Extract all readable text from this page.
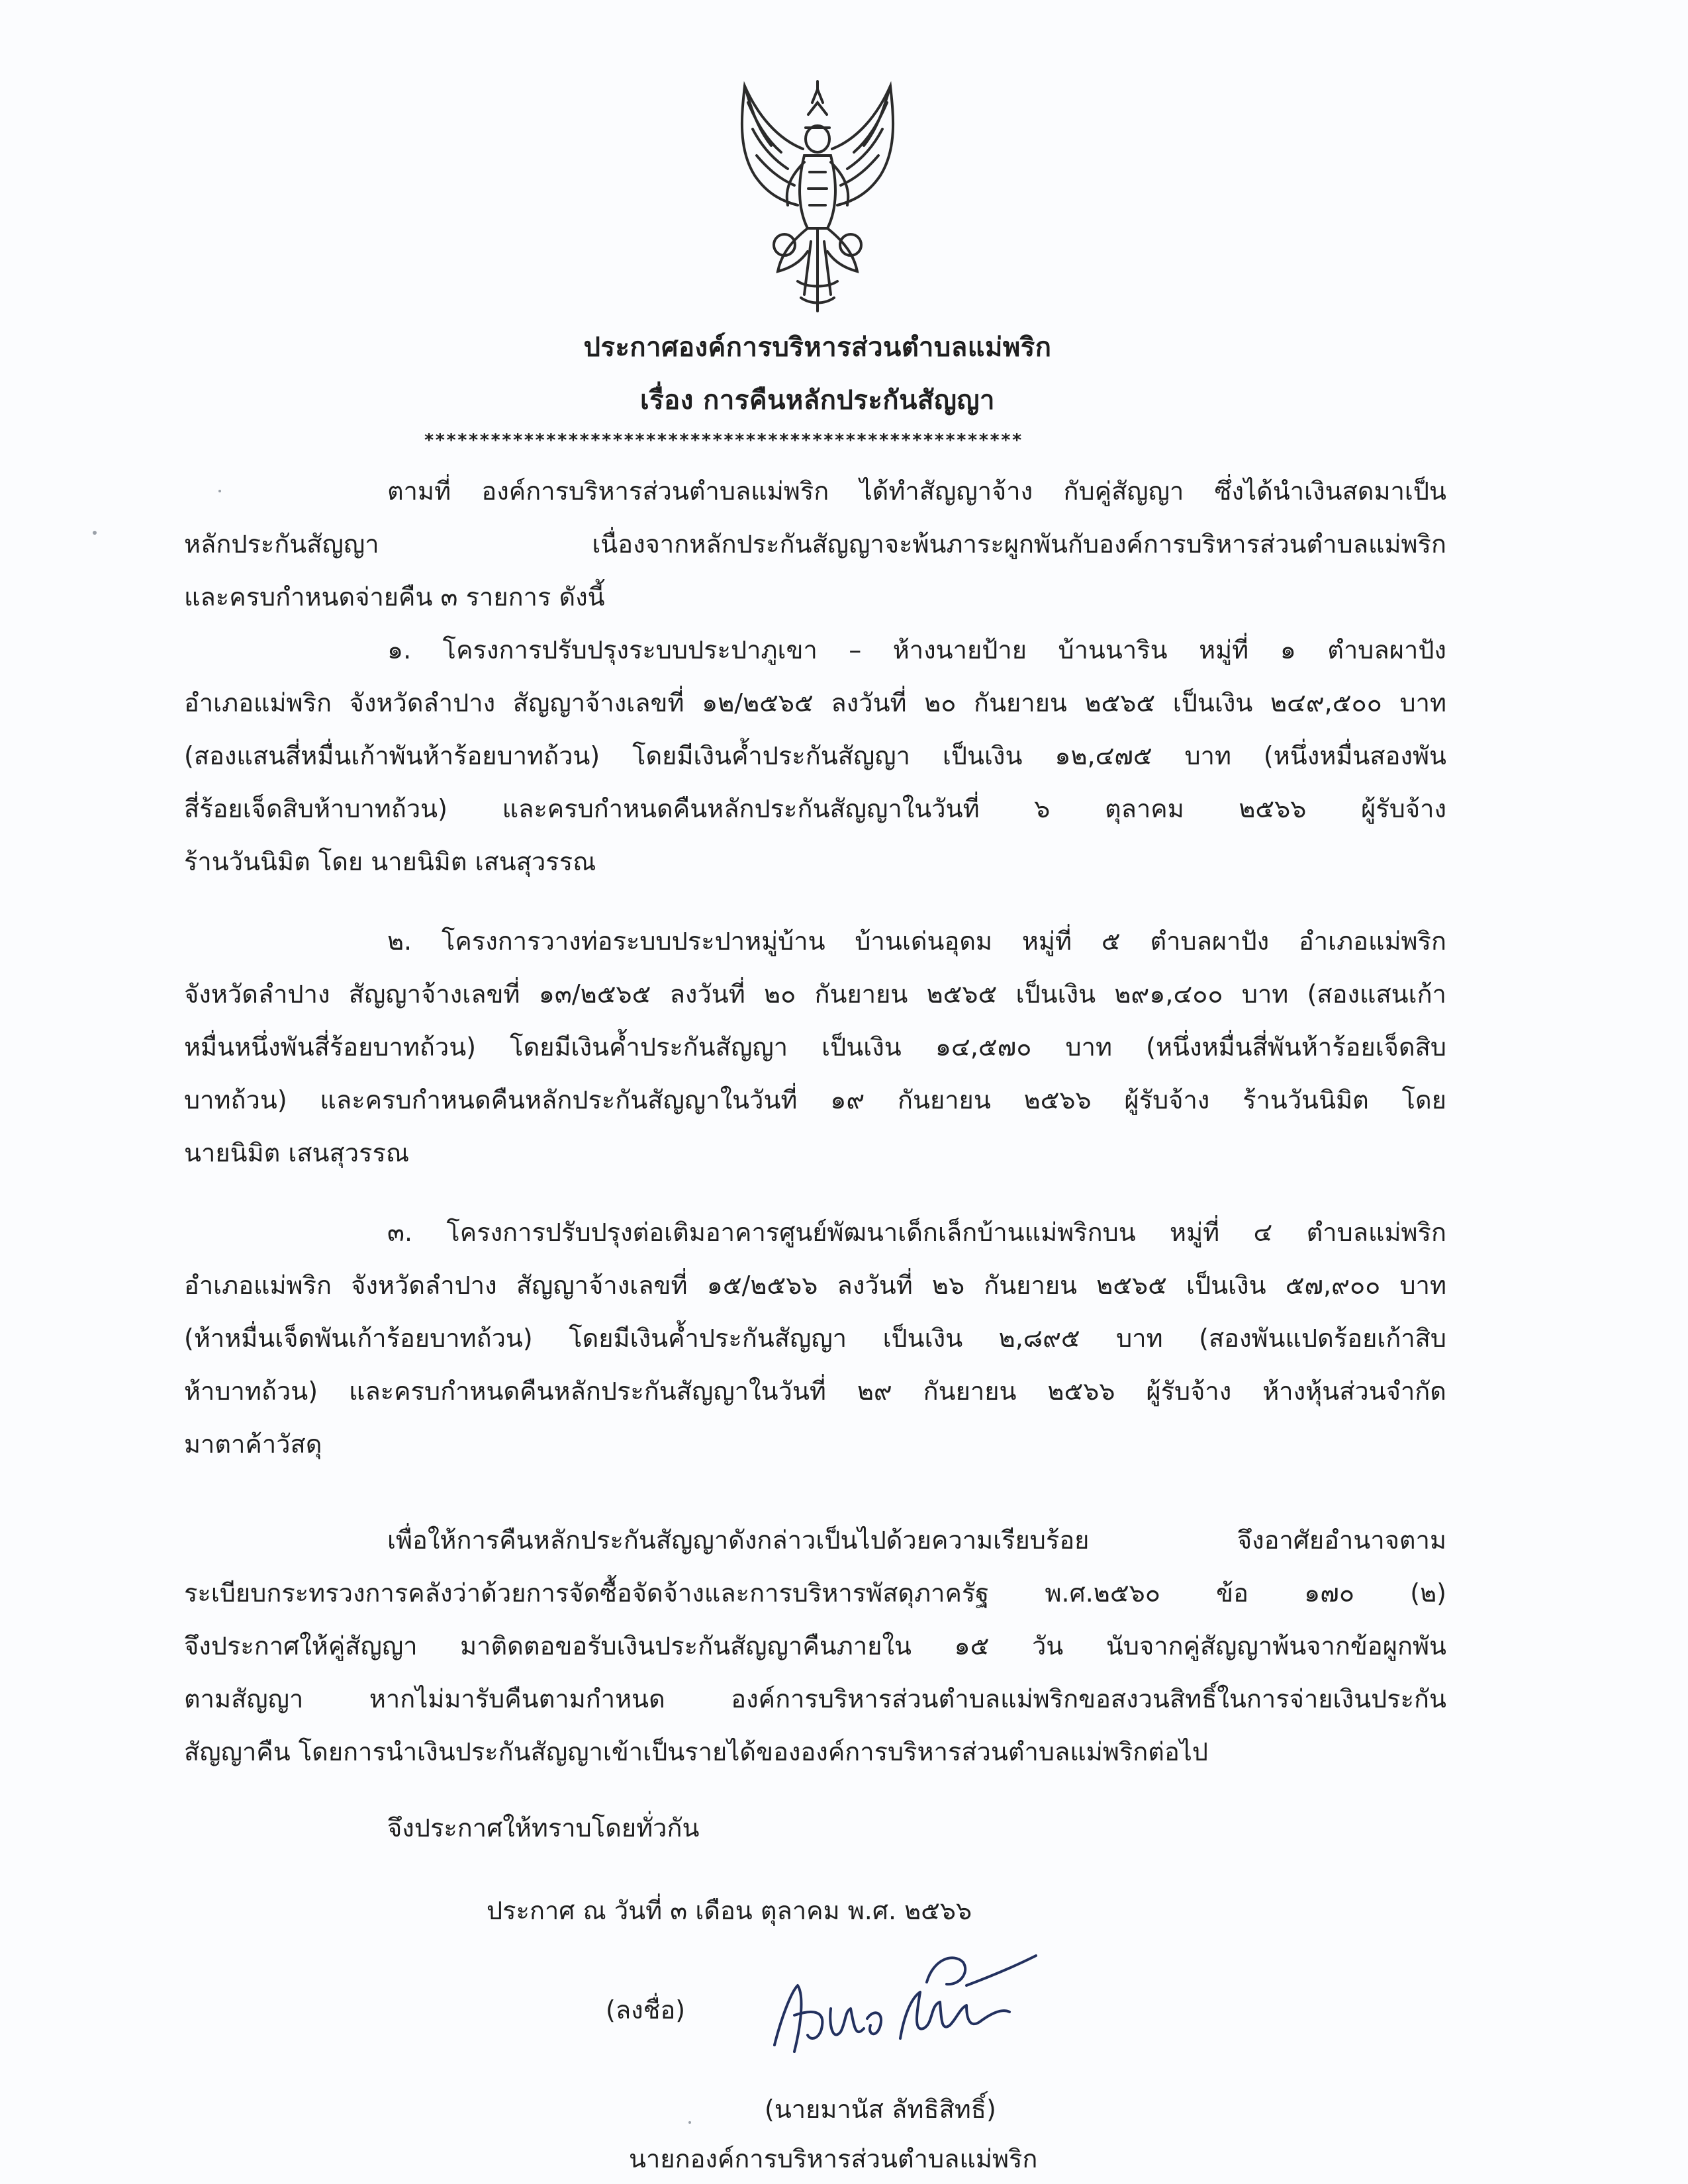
ประกาศองค์การบริหารส่วนตำบลแม่พริก
เรื่อง การคืนหลักประกันสัญญา
******************************************************
ตามที่ องค์การบริหารส่วนตำบลแม่พริก ได้ทำสัญญาจ้าง กับคู่สัญญา ซึ่งได้นำเงินสดมาเป็น
หลักประกันสัญญา เนื่องจากหลักประกันสัญญาจะพ้นภาระผูกพันกับองค์การบริหารส่วนตำบลแม่พริก
และครบกำหนดจ่ายคืน ๓ รายการ ดังนี้
๑. โครงการปรับปรุงระบบประปาภูเขา – ห้างนายป้าย บ้านนาริน หมู่ที่ ๑ ตำบลผาปัง
อำเภอแม่พริก จังหวัดลำปาง สัญญาจ้างเลขที่ ๑๒/๒๕๖๕ ลงวันที่ ๒๐ กันยายน ๒๕๖๕ เป็นเงิน ๒๔๙,๕๐๐ บาท
(สองแสนสี่หมื่นเก้าพันห้าร้อยบาทถ้วน) โดยมีเงินค้ำประกันสัญญา เป็นเงิน ๑๒,๔๗๕ บาท (หนึ่งหมื่นสองพัน
สี่ร้อยเจ็ดสิบห้าบาทถ้วน) และครบกำหนดคืนหลักประกันสัญญาในวันที่ ๖ ตุลาคม ๒๕๖๖ ผู้รับจ้าง
ร้านวันนิมิต โดย นายนิมิต เสนสุวรรณ
๒. โครงการวางท่อระบบประปาหมู่บ้าน บ้านเด่นอุดม หมู่ที่ ๕ ตำบลผาปัง อำเภอแม่พริก
จังหวัดลำปาง สัญญาจ้างเลขที่ ๑๓/๒๕๖๕ ลงวันที่ ๒๐ กันยายน ๒๕๖๕ เป็นเงิน ๒๙๑,๔๐๐ บาท (สองแสนเก้า
หมื่นหนึ่งพันสี่ร้อยบาทถ้วน) โดยมีเงินค้ำประกันสัญญา เป็นเงิน ๑๔,๕๗๐ บาท (หนึ่งหมื่นสี่พันห้าร้อยเจ็ดสิบ
บาทถ้วน) และครบกำหนดคืนหลักประกันสัญญาในวันที่ ๑๙ กันยายน ๒๕๖๖ ผู้รับจ้าง ร้านวันนิมิต โดย
นายนิมิต เสนสุวรรณ
๓. โครงการปรับปรุงต่อเติมอาคารศูนย์พัฒนาเด็กเล็กบ้านแม่พริกบน หมู่ที่ ๔ ตำบลแม่พริก
อำเภอแม่พริก จังหวัดลำปาง สัญญาจ้างเลขที่ ๑๕/๒๕๖๖ ลงวันที่ ๒๖ กันยายน ๒๕๖๕ เป็นเงิน ๕๗,๙๐๐ บาท
(ห้าหมื่นเจ็ดพันเก้าร้อยบาทถ้วน) โดยมีเงินค้ำประกันสัญญา เป็นเงิน ๒,๘๙๕ บาท (สองพันแปดร้อยเก้าสิบ
ห้าบาทถ้วน) และครบกำหนดคืนหลักประกันสัญญาในวันที่ ๒๙ กันยายน ๒๕๖๖ ผู้รับจ้าง ห้างหุ้นส่วนจำกัด
มาตาค้าวัสดุ
เพื่อให้การคืนหลักประกันสัญญาดังกล่าวเป็นไปด้วยความเรียบร้อย จึงอาศัยอำนาจตาม
ระเบียบกระทรวงการคลังว่าด้วยการจัดซื้อจัดจ้างและการบริหารพัสดุภาครัฐ พ.ศ.๒๕๖๐ ข้อ ๑๗๐ (๒)
จึงประกาศให้คู่สัญญา มาติดตอขอรับเงินประกันสัญญาคืนภายใน ๑๕ วัน นับจากคู่สัญญาพ้นจากข้อผูกพัน
ตามสัญญา หากไม่มารับคืนตามกำหนด องค์การบริหารส่วนตำบลแม่พริกขอสงวนสิทธิ์ในการจ่ายเงินประกัน
สัญญาคืน โดยการนำเงินประกันสัญญาเข้าเป็นรายได้ขององค์การบริหารส่วนตำบลแม่พริกต่อไป
จึงประกาศให้ทราบโดยทั่วกัน
ประกาศ ณ วันที่ ๓ เดือน ตุลาคม พ.ศ. ๒๕๖๖
(ลงชื่อ)
(นายมานัส ลัทธิสิทธิ์)
นายกองค์การบริหารส่วนตำบลแม่พริก
